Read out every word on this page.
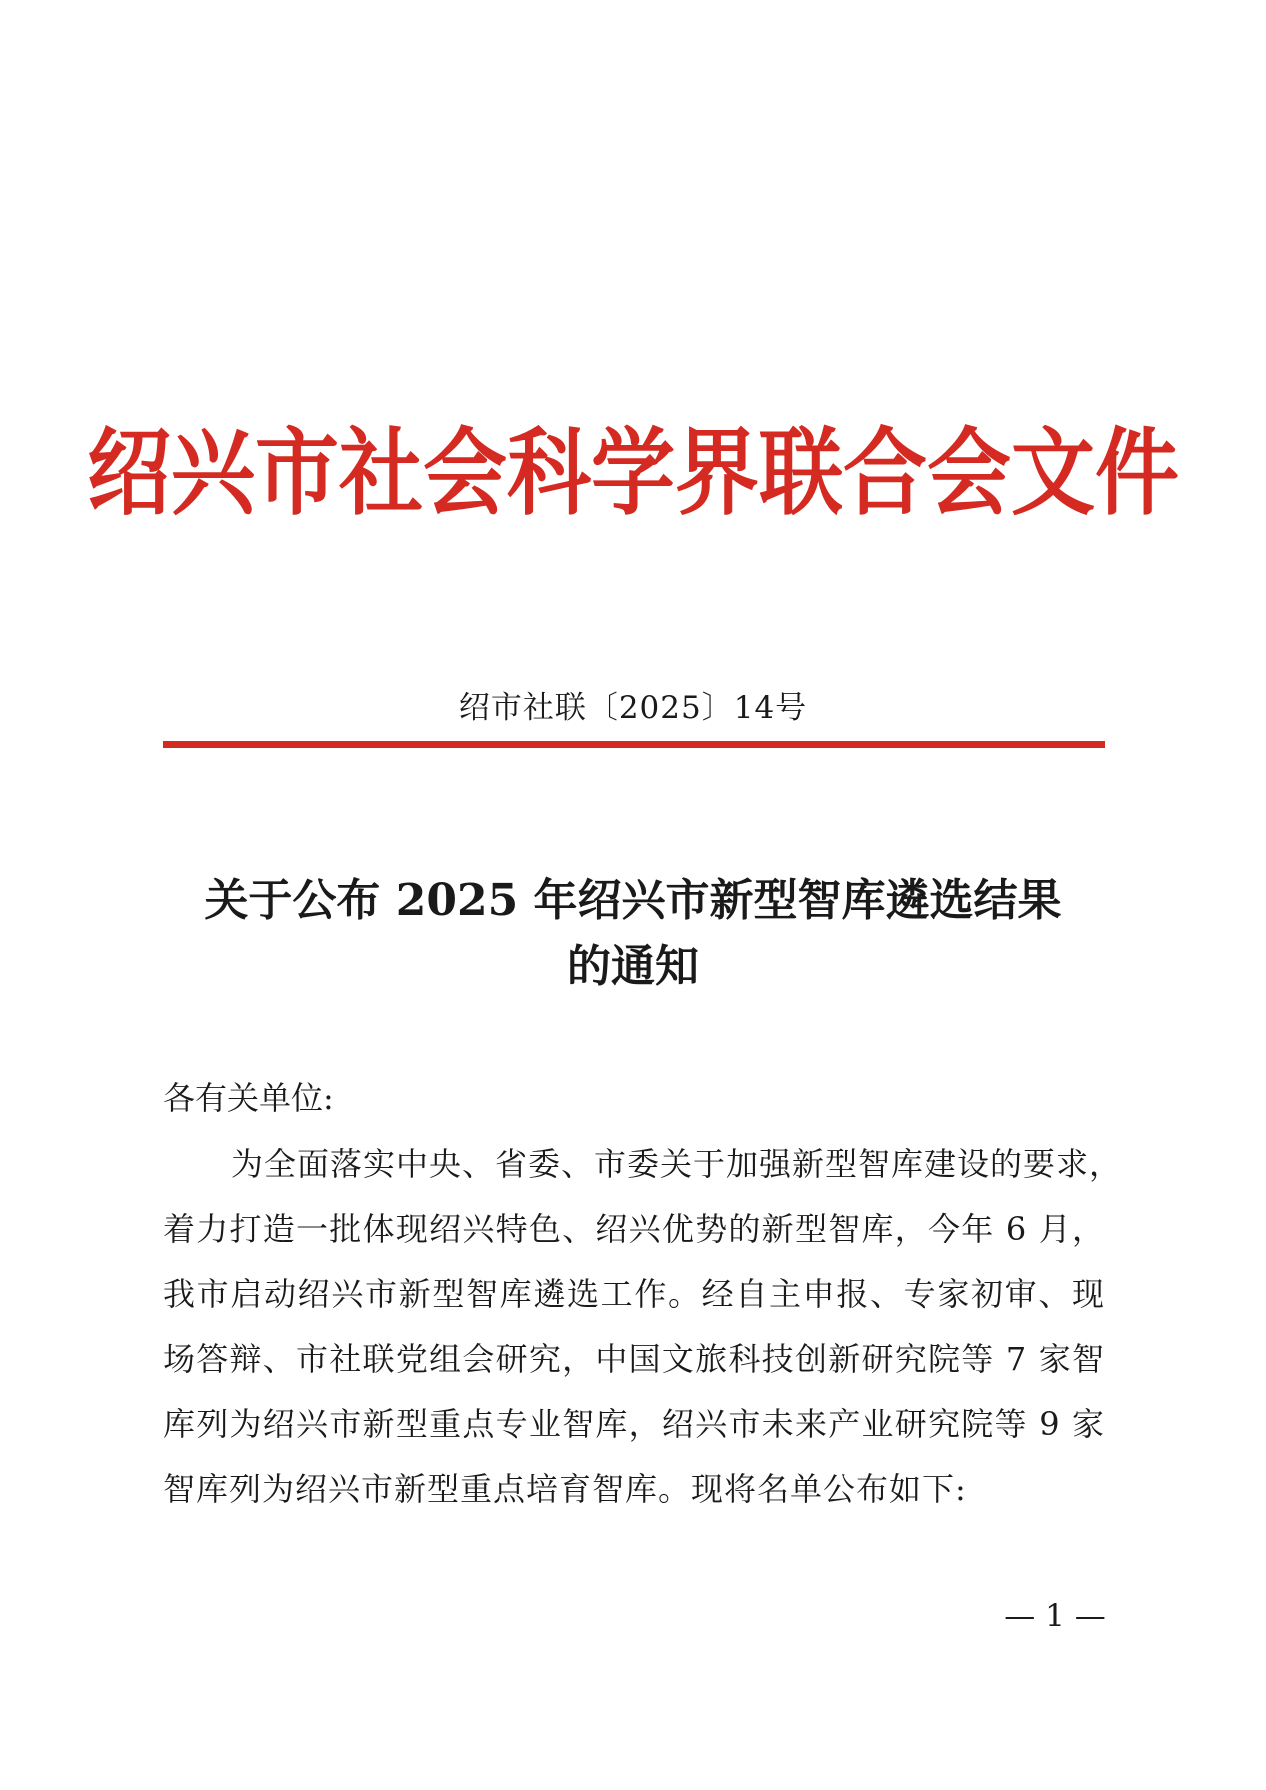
绍兴市社会科学界联合会文件
绍市社联〔2025〕14号
关于公布 2025 年绍兴市新型智库遴选结果
的通知
各有关单位:
为全面落实中央、省委、市委关于加强新型智库建设的要求，
着力打造一批体现绍兴特色、绍兴优势的新型智库，今年 6 月，
我市启动绍兴市新型智库遴选工作。经自主申报、专家初审、现
场答辩、市社联党组会研究，中国文旅科技创新研究院等 7 家智
库列为绍兴市新型重点专业智库，绍兴市未来产业研究院等 9 家
智库列为绍兴市新型重点培育智库。现将名单公布如下:
— 1 —
